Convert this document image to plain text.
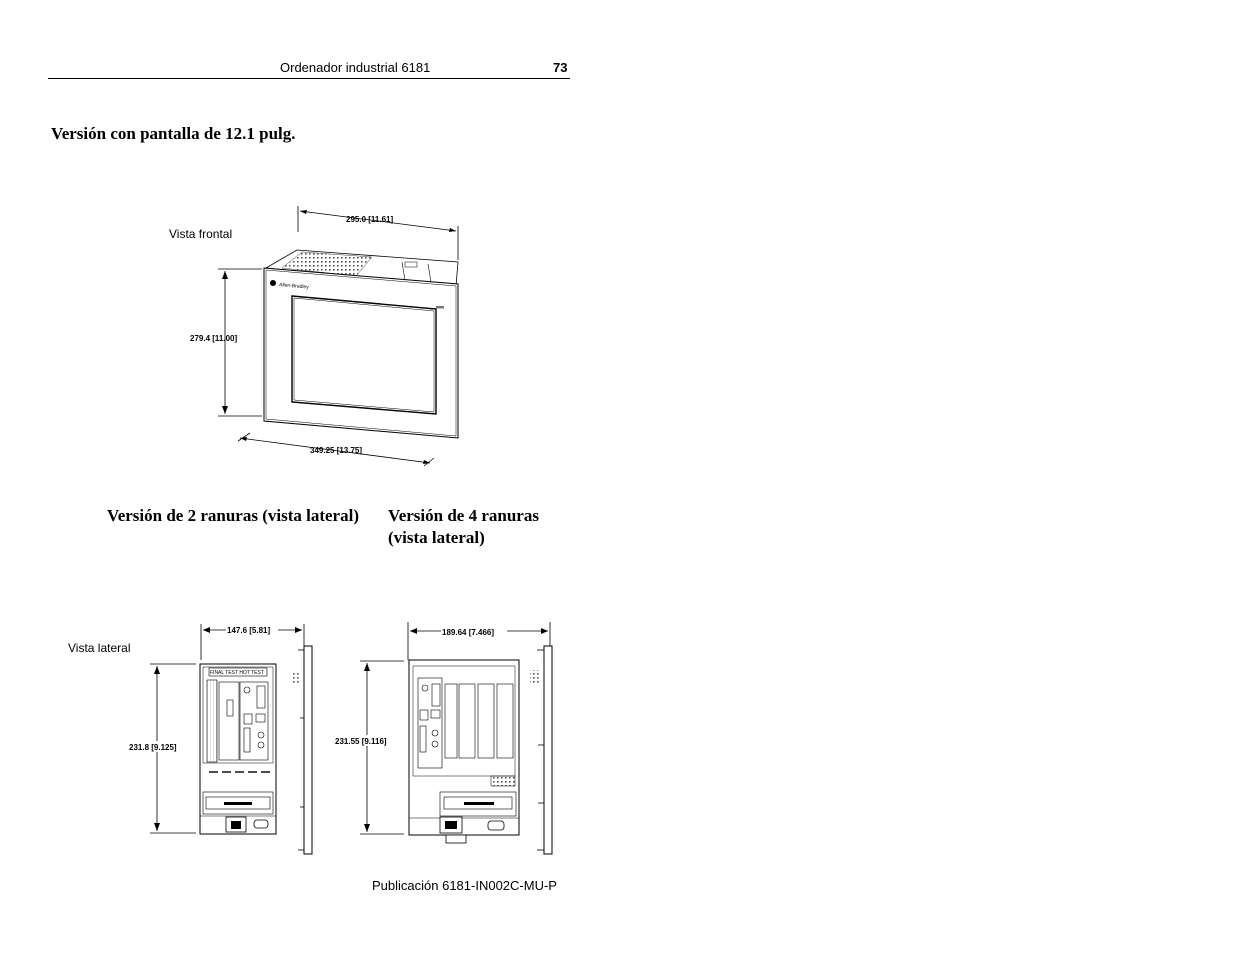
Ordenador industrial 6181	73
Versión con pantalla de 12.1 pulg.
Versión de 2 ranuras (vista lateral) Versión de 4 ranuras
(vista lateral)
Vista frontal
295.0 [11.61]
Allen-Bradley
279.4 [11.00]
349.25 [13.75]
Vista lateral
147.6 [5.81]
231.8 [9.125]
FINAL TEST HOT TEST
189.64 [7.466]
231.55 [9.116]
Publicación 6181-IN002C-MU-P
